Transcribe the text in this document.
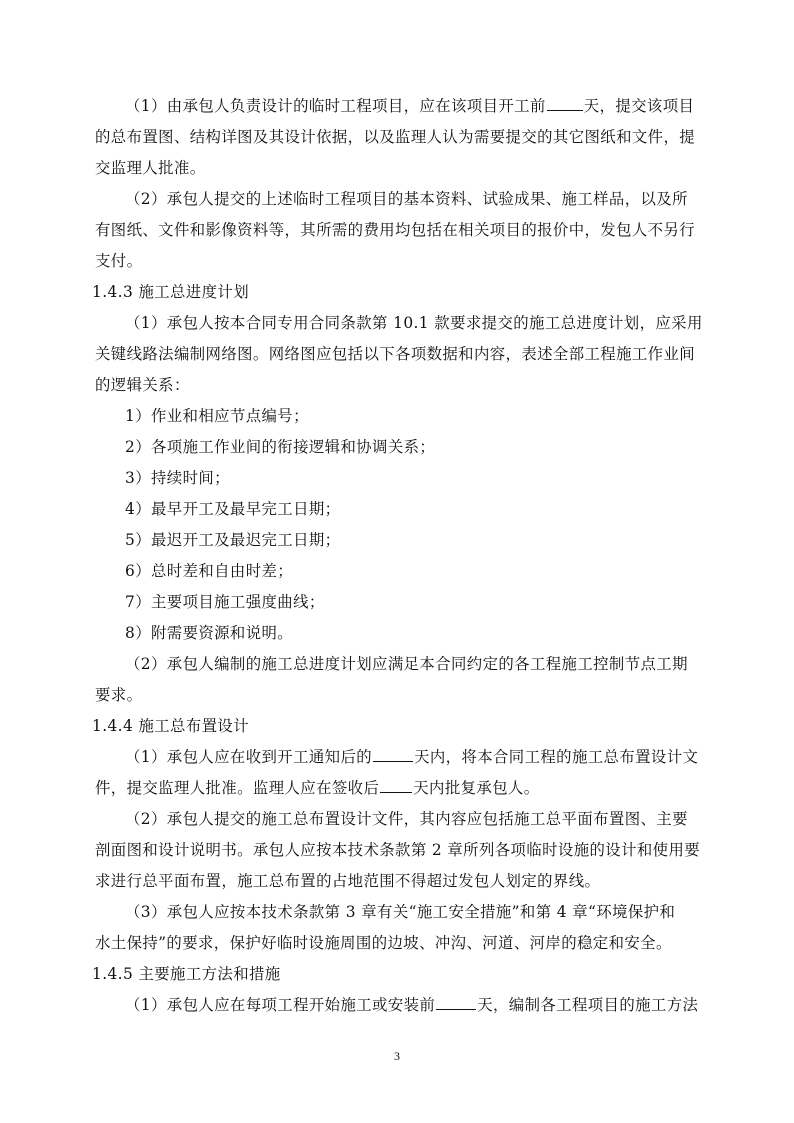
（1）由承包人负责设计的临时工程项目，应在该项目开工前 天，提交该项目
的总布置图、结构详图及其设计依据，以及监理人认为需要提交的其它图纸和文件，提
交监理人批准。
（2）承包人提交的上述临时工程项目的基本资料、试验成果、施工样品，以及所
有图纸、文件和影像资料等，其所需的费用均包括在相关项目的报价中，发包人不另行
支付。
1.4.3 施工总进度计划
（1）承包人按本合同专用合同条款第 10.1 款要求提交的施工总进度计划，应采用
关键线路法编制网络图。网络图应包括以下各项数据和内容，表述全部工程施工作业间
的逻辑关系：
1）作业和相应节点编号；
2）各项施工作业间的衔接逻辑和协调关系；
3）持续时间；
4）最早开工及最早完工日期；
5）最迟开工及最迟完工日期；
6）总时差和自由时差；
7）主要项目施工强度曲线；
8）附需要资源和说明。
（2）承包人编制的施工总进度计划应满足本合同约定的各工程施工控制节点工期
要求。
1.4.4 施工总布置设计
（1）承包人应在收到开工通知后的	天内，将本合同工程的施工总布置设计文
件，提交监理人批准。监理人应在签收后 天内批复承包人。
（2）承包人提交的施工总布置设计文件，其内容应包括施工总平面布置图、主要
剖面图和设计说明书。承包人应按本技术条款第 2 章所列各项临时设施的设计和使用要
求进行总平面布置，施工总布置的占地范围不得超过发包人划定的界线。
（3）承包人应按本技术条款第 3 章有关“施工安全措施”和第 4 章“环境保护和
水土保持”的要求，保护好临时设施周围的边坡、冲沟、河道、河岸的稳定和安全。
1.4.5 主要施工方法和措施
（1）承包人应在每项工程开始施工或安装前	天，编制各工程项目的施工方法
3
